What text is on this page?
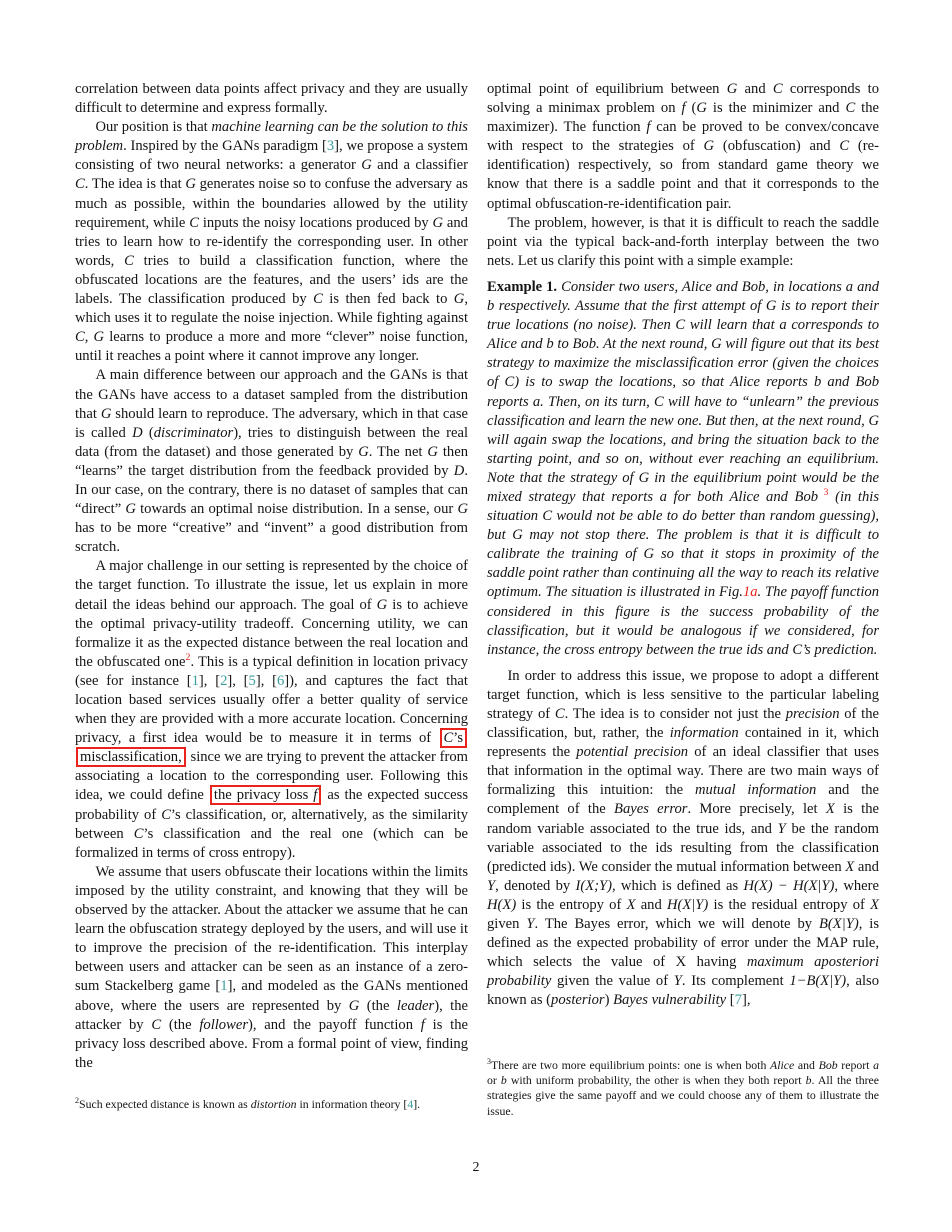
correlation between data points affect privacy and they are usually difficult to determine and express formally.

Our position is that machine learning can be the solution to this problem. Inspired by the GANs paradigm [3], we propose a system consisting of two neural networks: a generator G and a classifier C. The idea is that G generates noise so to confuse the adversary as much as possible, within the boundaries allowed by the utility requirement, while C inputs the noisy locations produced by G and tries to learn how to re-identify the corresponding user. In other words, C tries to build a classification function, where the obfuscated locations are the features, and the users’ ids are the labels. The classification produced by C is then fed back to G, which uses it to regulate the noise injection. While fighting against C, G learns to produce a more and more “clever” noise function, until it reaches a point where it cannot improve any longer.

A main difference between our approach and the GANs is that the GANs have access to a dataset sampled from the distribution that G should learn to reproduce. The adversary, which in that case is called D (discriminator), tries to distinguish between the real data (from the dataset) and those generated by G. The net G then “learns” the target distribution from the feedback provided by D. In our case, on the contrary, there is no dataset of samples that can “direct” G towards an optimal noise distribution. In a sense, our G has to be more “creative” and “invent” a good distribution from scratch.

A major challenge in our setting is represented by the choice of the target function. To illustrate the issue, let us explain in more detail the ideas behind our approach. The goal of G is to achieve the optimal privacy-utility tradeoff. Concerning utility, we can formalize it as the expected distance between the real location and the obfuscated one$^2$. This is a typical definition in location privacy (see for instance [1], [2], [5], [6]), and captures the fact that location based services usually offer a better quality of service when they are provided with a more accurate location. Concerning privacy, a first idea would be to measure it in terms of C’s misclassification, since we are trying to prevent the attacker from associating a location to the corresponding user. Following this idea, we could define the privacy loss f as the expected success probability of C’s classification, or, alternatively, as the similarity between C’s classification and the real one (which can be formalized in terms of cross entropy).

We assume that users obfuscate their locations within the limits imposed by the utility constraint, and knowing that they will be observed by the attacker. About the attacker we assume that he can learn the obfuscation strategy deployed by the users, and will use it to improve the precision of the re-identification. This interplay between users and attacker can be seen as an instance of a zero-sum Stackelberg game [1], and modeled as the GANs mentioned above, where the users are represented by G (the leader), the attacker by C (the follower), and the payoff function f is the privacy loss described above. From a formal point of view, finding the

optimal point of equilibrium between G and C corresponds to solving a minimax problem on f (G is the minimizer and C the maximizer). The function f can be proved to be convex/concave with respect to the strategies of G (obfuscation) and C (re-identification) respectively, so from standard game theory we know that there is a saddle point and that it corresponds to the optimal obfuscation-re-identification pair.

The problem, however, is that it is difficult to reach the saddle point via the typical back-and-forth interplay between the two nets. Let us clarify this point with a simple example:

Example 1. Consider two users, Alice and Bob, in locations a and b respectively. Assume that the first attempt of G is to report their true locations (no noise). Then C will learn that a corresponds to Alice and b to Bob. At the next round, G will figure out that its best strategy to maximize the misclassification error (given the choices of C) is to swap the locations, so that Alice reports b and Bob reports a. Then, on its turn, C will have to “unlearn” the previous classification and learn the new one. But then, at the next round, G will again swap the locations, and bring the situation back to the starting point, and so on, without ever reaching an equilibrium. Note that the strategy of G in the equilibrium point would be the mixed strategy that reports a for both Alice and Bob $^3$ (in this situation C would not be able to do better than random guessing), but G may not stop there. The problem is that it is difficult to calibrate the training of G so that it stops in proximity of the saddle point rather than continuing all the way to reach its relative optimum. The situation is illustrated in Fig.1a. The payoff function considered in this figure is the success probability of the classification, but it would be analogous if we considered, for instance, the cross entropy between the true ids and C’s prediction.

In order to address this issue, we propose to adopt a different target function, which is less sensitive to the particular labeling strategy of C. The idea is to consider not just the precision of the classification, but, rather, the information contained in it, which represents the potential precision of an ideal classifier that uses that information in the optimal way. There are two main ways of formalizing this intuition: the mutual information and the complement of the Bayes error. More precisely, let X is the random variable associated to the true ids, and Y be the random variable associated to the ids resulting from the classification (predicted ids). We consider the mutual information between X and Y, denoted by I(X;Y), which is defined as H(X) − H(X|Y), where H(X) is the entropy of X and H(X|Y) is the residual entropy of X given Y. The Bayes error, which we will denote by B(X|Y), is defined as the expected probability of error under the MAP rule, which selects the value of X having maximum aposteriori probability given the value of Y. Its complement 1−B(X|Y), also known as (posterior) Bayes vulnerability [7],

$^2$Such expected distance is known as distortion in information theory [4].
$^3$There are two more equilibrium points: one is when both Alice and Bob report a or b with uniform probability, the other is when they both report b. All the three strategies give the same payoff and we could choose any of them to illustrate the issue.
2
